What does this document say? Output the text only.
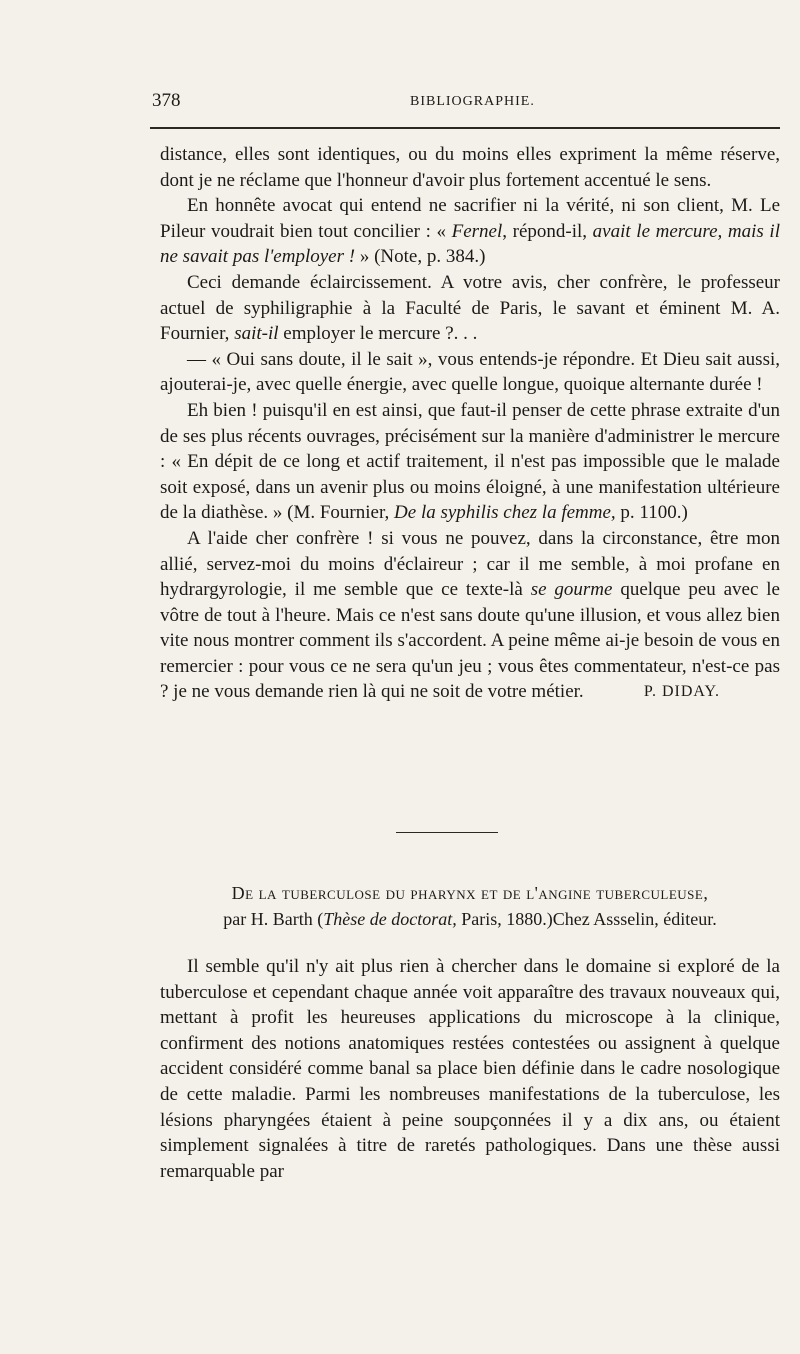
378	BIBLIOGRAPHIE.

distance, elles sont identiques, ou du moins elles expriment la même réserve, dont je ne réclame que l'honneur d'avoir plus fortement accentué le sens.

En honnête avocat qui entend ne sacrifier ni la vérité, ni son client, M. Le Pileur voudrait bien tout concilier : « Fernel, répond-il, avait le mercure, mais il ne savait pas l'employer ! » (Note, p. 384.)

Ceci demande éclaircissement. A votre avis, cher confrère, le professeur actuel de syphiligraphie à la Faculté de Paris, le savant et éminent M. A. Fournier, sait-il employer le mercure ?. . .

— « Oui sans doute, il le sait », vous entends-je répondre. Et Dieu sait aussi, ajouterai-je, avec quelle énergie, avec quelle longue, quoique alternante durée !

Eh bien ! puisqu'il en est ainsi, que faut-il penser de cette phrase extraite d'un de ses plus récents ouvrages, précisément sur la manière d'administrer le mercure : « En dépit de ce long et actif traitement, il n'est pas impossible que le malade soit exposé, dans un avenir plus ou moins éloigné, à une manifestation ultérieure de la diathèse. » (M. Fournier, De la syphilis chez la femme, p. 1100.)

A l'aide cher confrère ! si vous ne pouvez, dans la circonstance, être mon allié, servez-moi du moins d'éclaireur ; car il me semble, à moi profane en hydrargyrologie, il me semble que ce texte-là se gourme quelque peu avec le vôtre de tout à l'heure. Mais ce n'est sans doute qu'une illusion, et vous allez bien vite nous montrer comment ils s'accordent. A peine même ai-je besoin de vous en remercier : pour vous ce ne sera qu'un jeu ; vous êtes commentateur, n'est-ce pas ? je ne vous demande rien là qui ne soit de votre métier.	P. DIDAY.

De la tuberculose du pharynx et de l'angine tuberculeuse,
par H. Barth (Thèse de doctorat, Paris, 1880.)Chez Assselin, éditeur.

Il semble qu'il n'y ait plus rien à chercher dans le domaine si exploré de la tuberculose et cependant chaque année voit apparaître des travaux nouveaux qui, mettant à profit les heureuses applications du microscope à la clinique, confirment des notions anatomiques restées contestées ou assignent à quelque accident considéré comme banal sa place bien définie dans le cadre nosologique de cette maladie. Parmi les nombreuses manifestations de la tuberculose, les lésions pharyngées étaient à peine soupçonnées il y a dix ans, ou étaient simplement signalées à titre de raretés pathologiques. Dans une thèse aussi remarquable par
